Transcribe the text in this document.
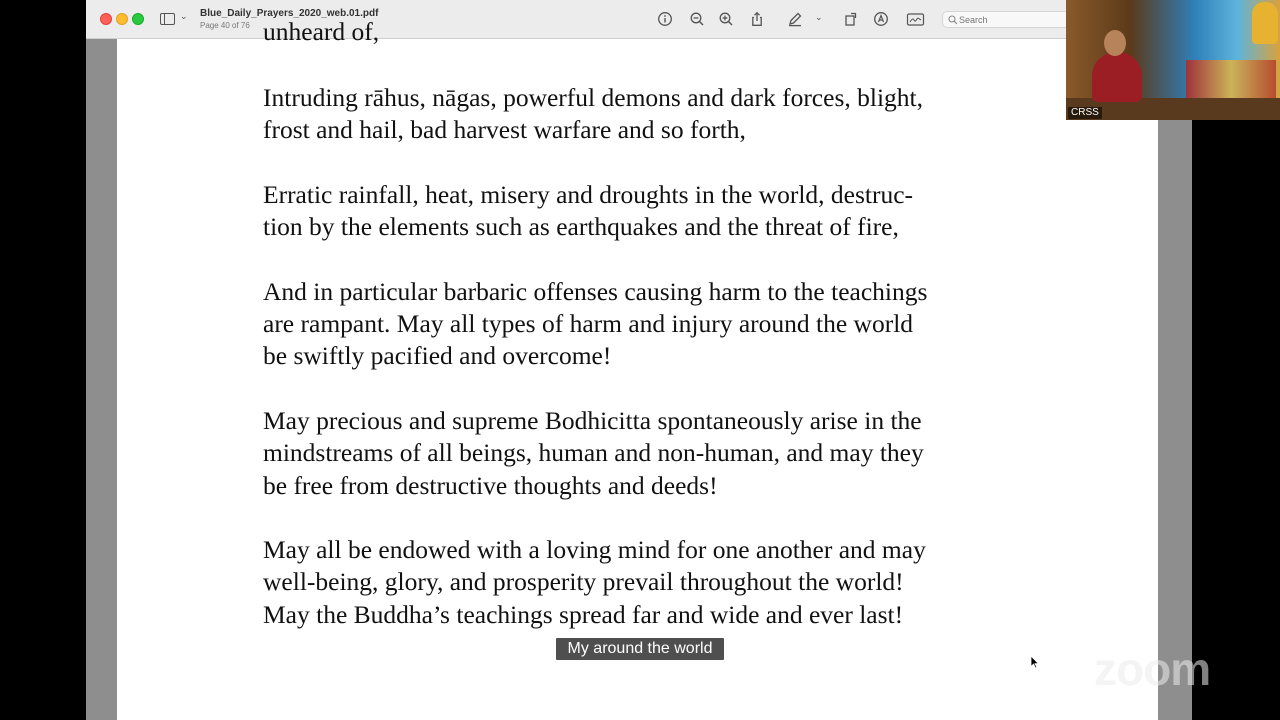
⌄ Blue_Daily_Prayers_2020_web.01.pdf
Page 40 of 76
⌄
Search
unheard of,

Intruding rāhus, nāgas, powerful demons and dark forces, blight,
frost and hail, bad harvest warfare and so forth,

Erratic rainfall, heat, misery and droughts in the world, destruc-
tion by the elements such as earthquakes and the threat of fire,

And in particular barbaric offenses causing harm to the teachings
are rampant. May all types of harm and injury around the world
be swiftly pacified and overcome!

May precious and supreme Bodhicitta spontaneously arise in the
mindstreams of all beings, human and non-human, and may they
be free from destructive thoughts and deeds!

May all be endowed with a loving mind for one another and may
well-being, glory, and prosperity prevail throughout the world!
May the Buddha’s teachings spread far and wide and ever last!

My around the world
CRSS
zoom
